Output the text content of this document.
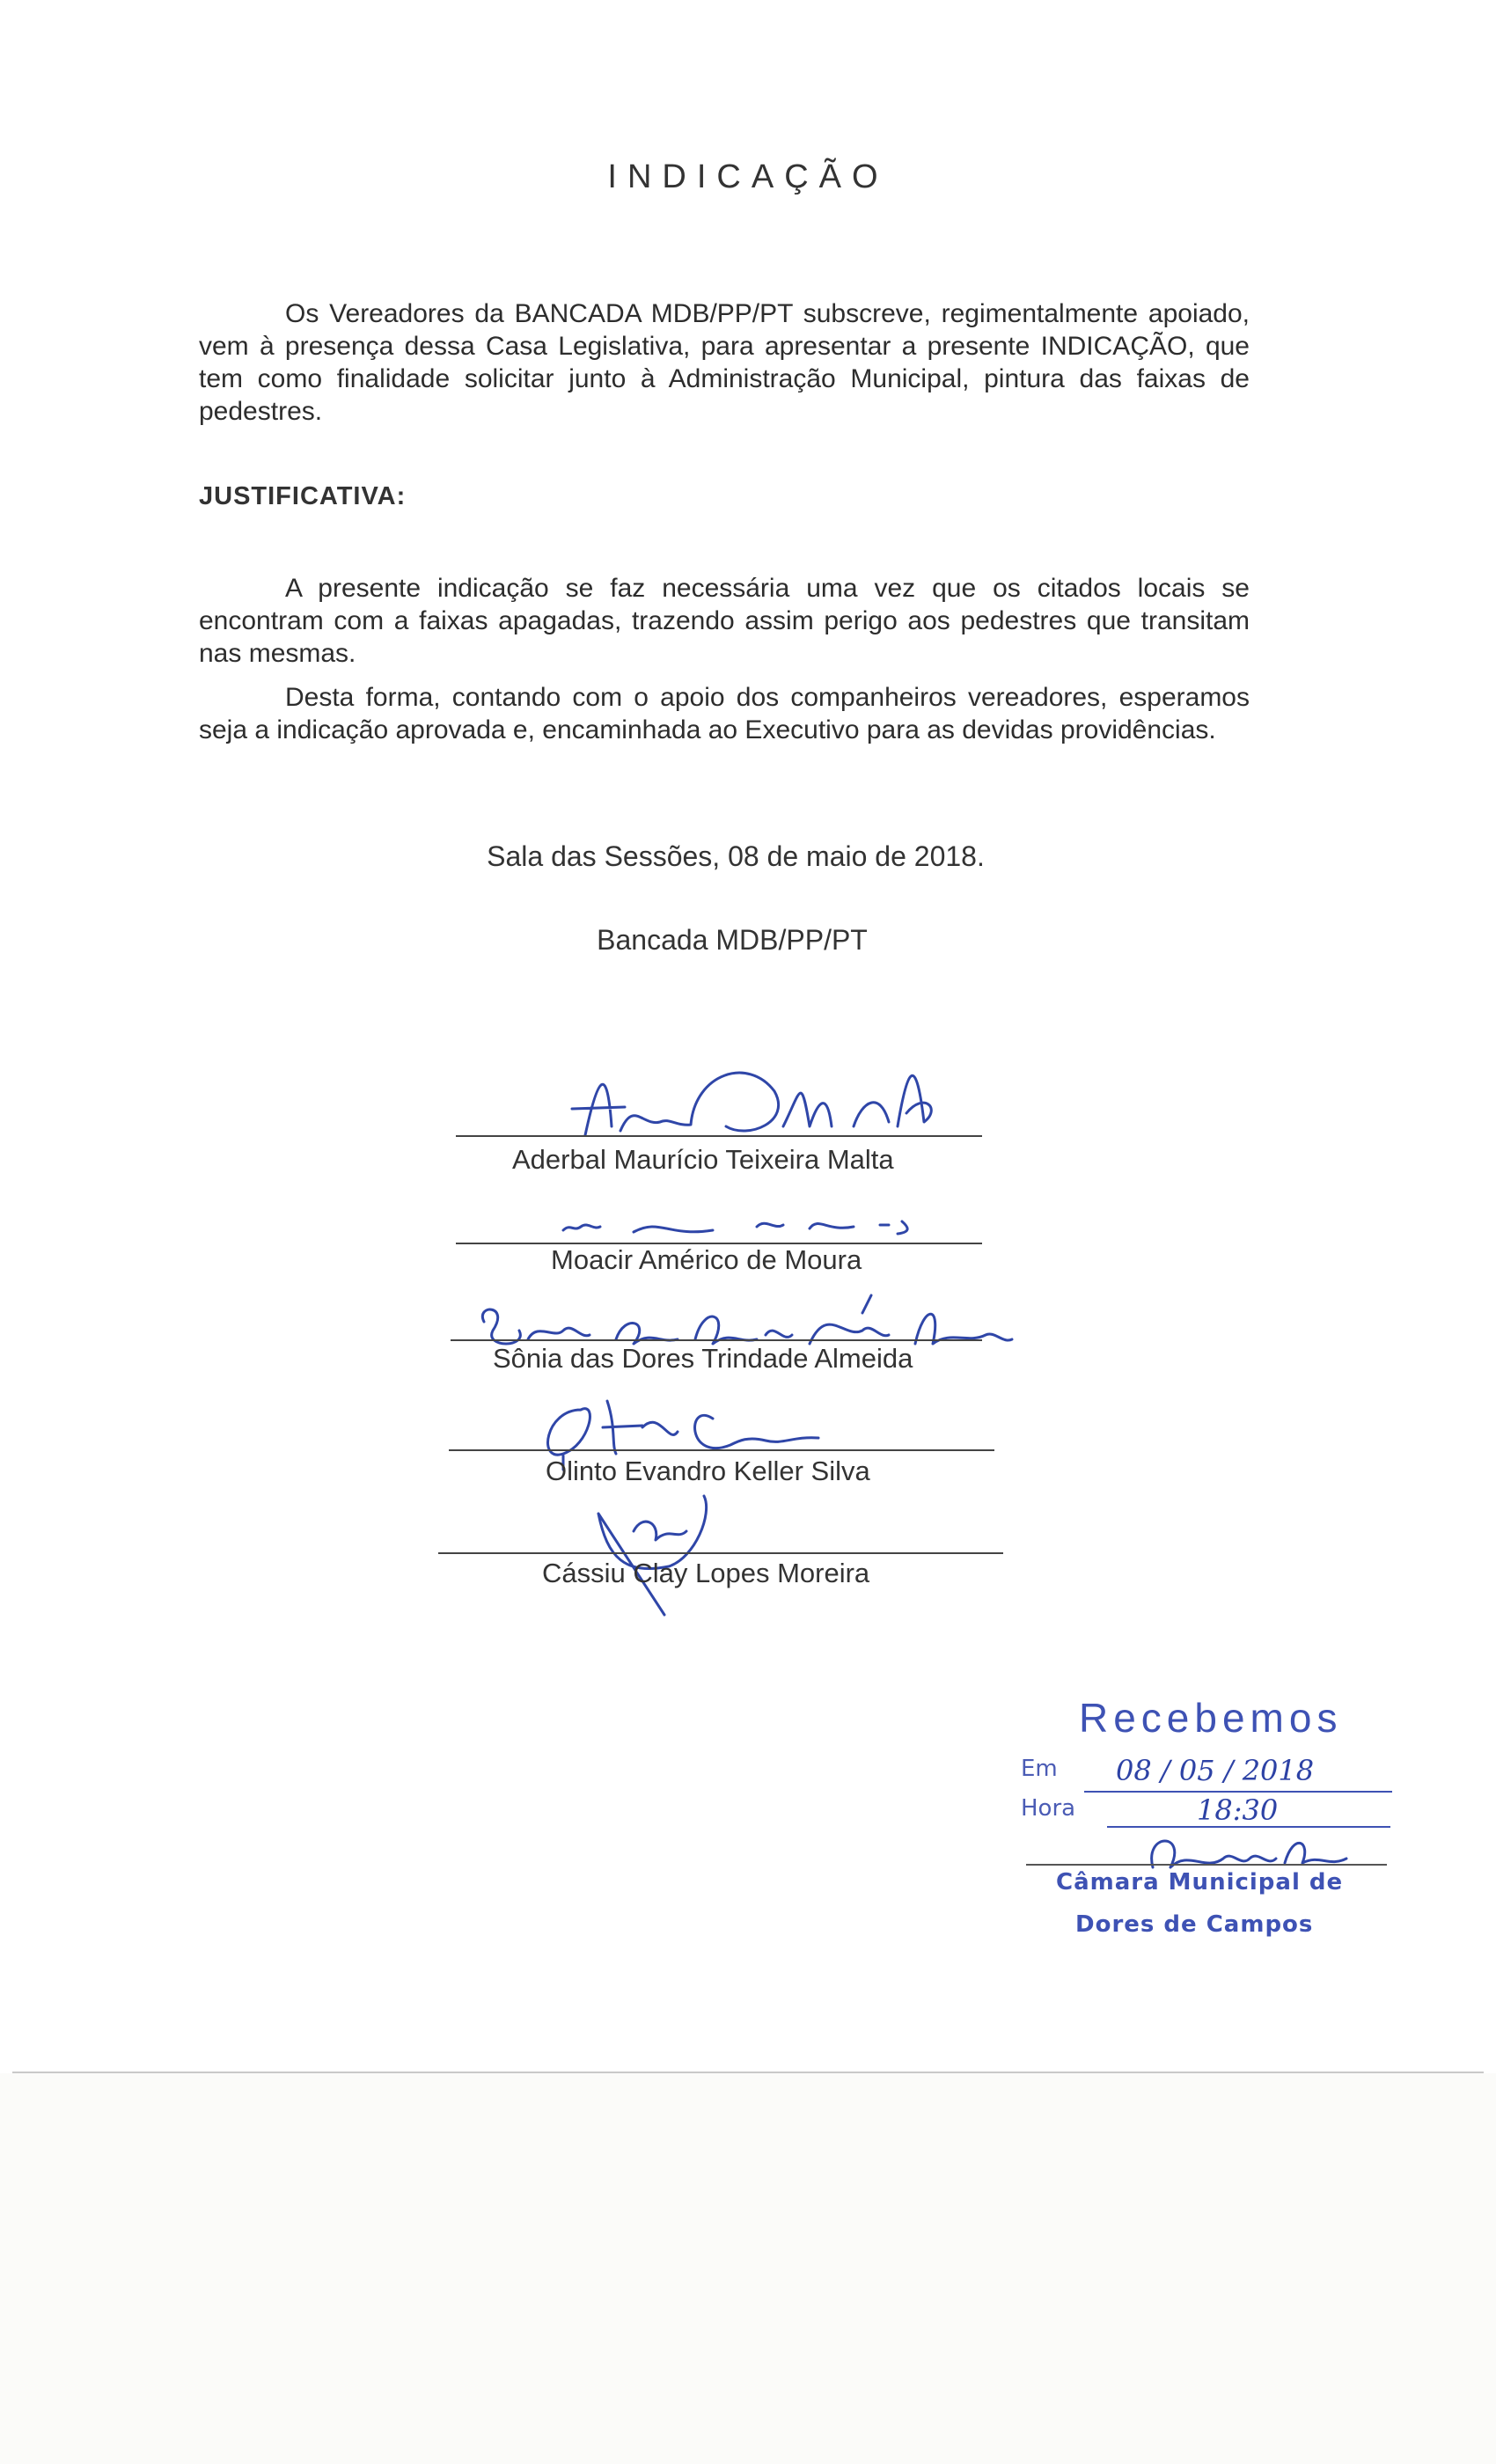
INDICAÇÃO
Os Vereadores da BANCADA MDB/PP/PT subscreve, regimentalmente apoiado, vem à presença dessa Casa Legislativa, para apresentar a presente INDICAÇÃO, que tem como finalidade solicitar junto à Administração Municipal, pintura das faixas de pedestres.
JUSTIFICATIVA:
A presente indicação se faz necessária uma vez que os citados locais se encontram com a faixas apagadas, trazendo assim perigo aos pedestres que transitam nas mesmas.
Desta forma, contando com o apoio dos companheiros vereadores, esperamos seja a indicação aprovada e, encaminhada ao Executivo para as devidas providências.
Sala das Sessões, 08 de maio de 2018.
Bancada MDB/PP/PT
Aderbal Maurício Teixeira Malta
Moacir Américo de Moura
Sônia das Dores Trindade Almeida
Olinto Evandro Keller Silva
Cássiu Clay Lopes Moreira
Recebemos
Em 08 / 05 / 2018
Hora	18:30
Câmara Municipal de
Dores de Campos
